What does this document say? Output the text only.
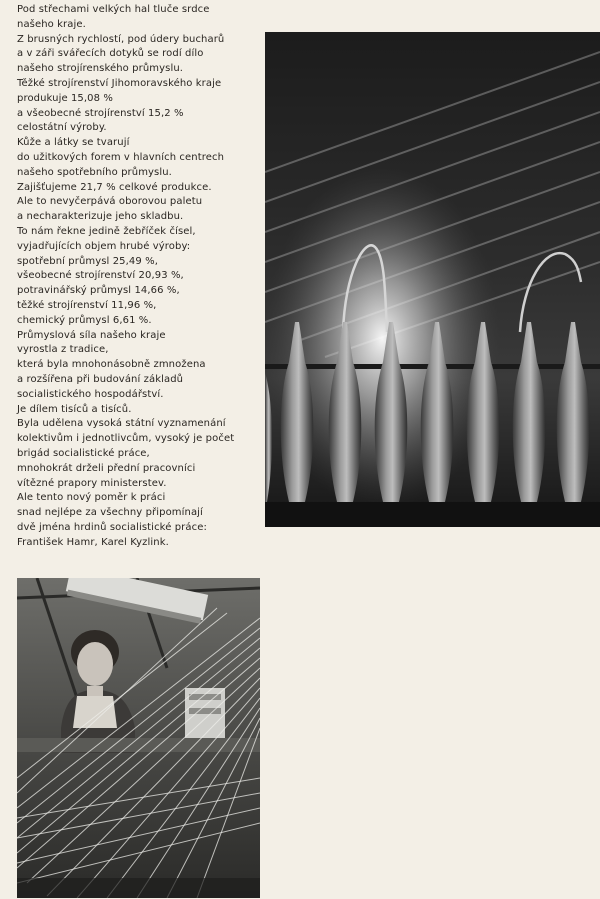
Pod střechami velkých hal tluče srdce
našeho kraje.
Z brusných rychlostí, pod údery bucharů
a v záři svářecích dotyků se rodí dílo
našeho strojírenského průmyslu.
Těžké strojírenství Jihomoravského kraje
produkuje 15,08 %
a všeobecné strojírenství 15,2 %
celostátní výroby.
Kůže a látky se tvarují
do užitkových forem v hlavních centrech
našeho spotřebního průmyslu.
Zajišťujeme 21,7 % celkové produkce.
Ale to nevyčerpává oborovou paletu
a necharakterizuje jeho skladbu.
To nám řekne jedině žebříček čísel,
vyjadřujících objem hrubé výroby:
spotřební průmysl 25,49 %,
všeobecné strojírenství 20,93 %,
potravinářský průmysl 14,66 %,
těžké strojírenství 11,96 %,
chemický průmysl 6,61 %.
Průmyslová síla našeho kraje
vyrostla z tradice,
která byla mnohonásobně zmnožena
a rozšířena při budování základů
socialistického hospodářství.
Je dílem tisíců a tisíců.
Byla udělena vysoká státní vyznamenání
kolektivům i jednotlivcům, vysoký je počet
brigád socialistické práce,
mnohokrát drželi přední pracovníci
vítězné prapory ministerstev.
Ale tento nový poměr k práci
snad nejlépe za všechny připomínají
dvě jména hrdinů socialistické práce:
František Hamr, Karel Kyzlink.
